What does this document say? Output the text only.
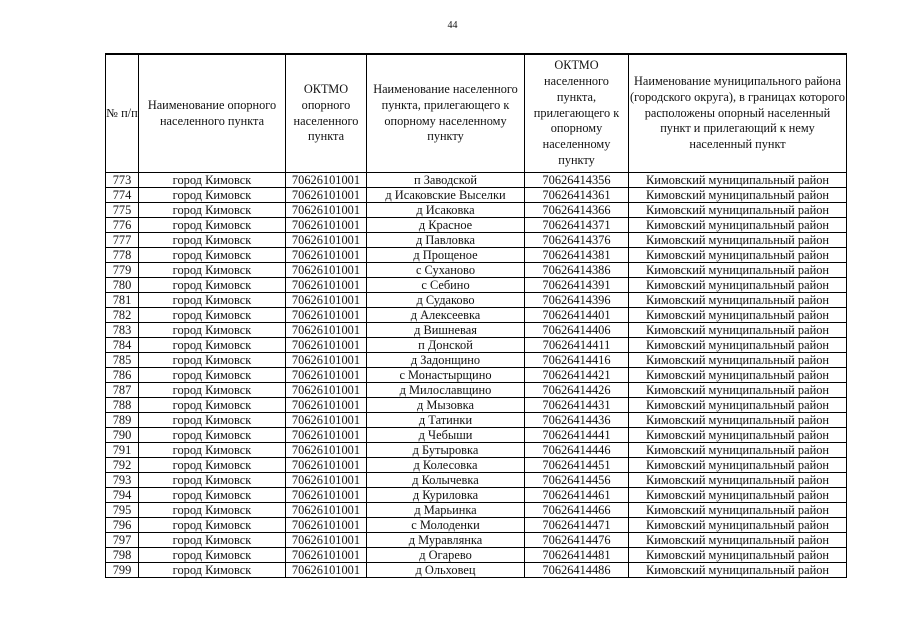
44
№ п/п	Наименование опорного населенного пункта	ОКТМО опорного населенного пункта	Наименование населенного пункта, прилегающего к опорному населенному пункту	ОКТМО населенного пункта, прилегающего к опорному населенному пункту	Наименование муниципального района (городского округа), в границах которого расположены опорный населенный пункт и прилегающий к нему населенный пункт
773	город Кимовск	70626101001	п Заводской	70626414356	Кимовский муниципальный район
774	город Кимовск	70626101001	д Исаковские Выселки	70626414361	Кимовский муниципальный район
775	город Кимовск	70626101001	д Исаковка	70626414366	Кимовский муниципальный район
776	город Кимовск	70626101001	д Красное	70626414371	Кимовский муниципальный район
777	город Кимовск	70626101001	д Павловка	70626414376	Кимовский муниципальный район
778	город Кимовск	70626101001	д Прощеное	70626414381	Кимовский муниципальный район
779	город Кимовск	70626101001	с Суханово	70626414386	Кимовский муниципальный район
780	город Кимовск	70626101001	с Себино	70626414391	Кимовский муниципальный район
781	город Кимовск	70626101001	д Судаково	70626414396	Кимовский муниципальный район
782	город Кимовск	70626101001	д Алексеевка	70626414401	Кимовский муниципальный район
783	город Кимовск	70626101001	д Вишневая	70626414406	Кимовский муниципальный район
784	город Кимовск	70626101001	п Донской	70626414411	Кимовский муниципальный район
785	город Кимовск	70626101001	д Задонщино	70626414416	Кимовский муниципальный район
786	город Кимовск	70626101001	с Монастырщино	70626414421	Кимовский муниципальный район
787	город Кимовск	70626101001	д Милославщино	70626414426	Кимовский муниципальный район
788	город Кимовск	70626101001	д Мызовка	70626414431	Кимовский муниципальный район
789	город Кимовск	70626101001	д Татинки	70626414436	Кимовский муниципальный район
790	город Кимовск	70626101001	д Чебыши	70626414441	Кимовский муниципальный район
791	город Кимовск	70626101001	д Бутыровка	70626414446	Кимовский муниципальный район
792	город Кимовск	70626101001	д Колесовка	70626414451	Кимовский муниципальный район
793	город Кимовск	70626101001	д Колычевка	70626414456	Кимовский муниципальный район
794	город Кимовск	70626101001	д Куриловка	70626414461	Кимовский муниципальный район
795	город Кимовск	70626101001	д Марьинка	70626414466	Кимовский муниципальный район
796	город Кимовск	70626101001	с Молоденки	70626414471	Кимовский муниципальный район
797	город Кимовск	70626101001	д Муравлянка	70626414476	Кимовский муниципальный район
798	город Кимовск	70626101001	д Огарево	70626414481	Кимовский муниципальный район
799	город Кимовск	70626101001	д Ольховец	70626414486	Кимовский муниципальный район
